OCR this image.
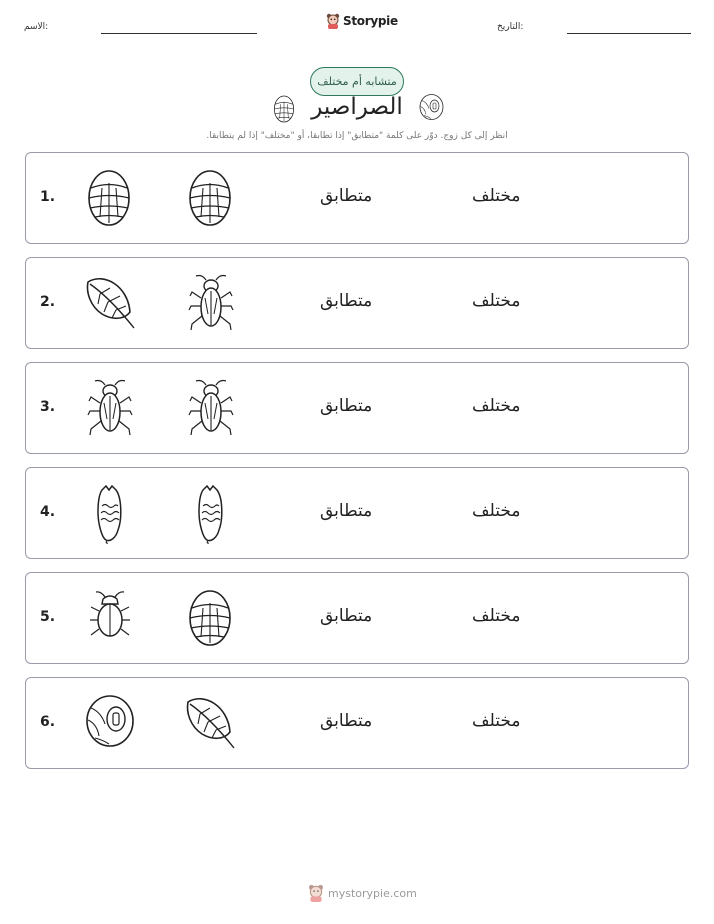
الاسم:	Storypie	التاريخ:
متشابه أم مختلف
الصراصير
انظر إلى كل زوج. دوّر على كلمة "متطابق" إذا تطابقا، أو "مختلف" إذا لم يتطابقا.
1.	متطابق	مختلف
2.	متطابق	مختلف
3.	متطابق	مختلف
4.	متطابق	مختلف
5.	متطابق	مختلف
6.	متطابق	مختلف
mystorypie.com
